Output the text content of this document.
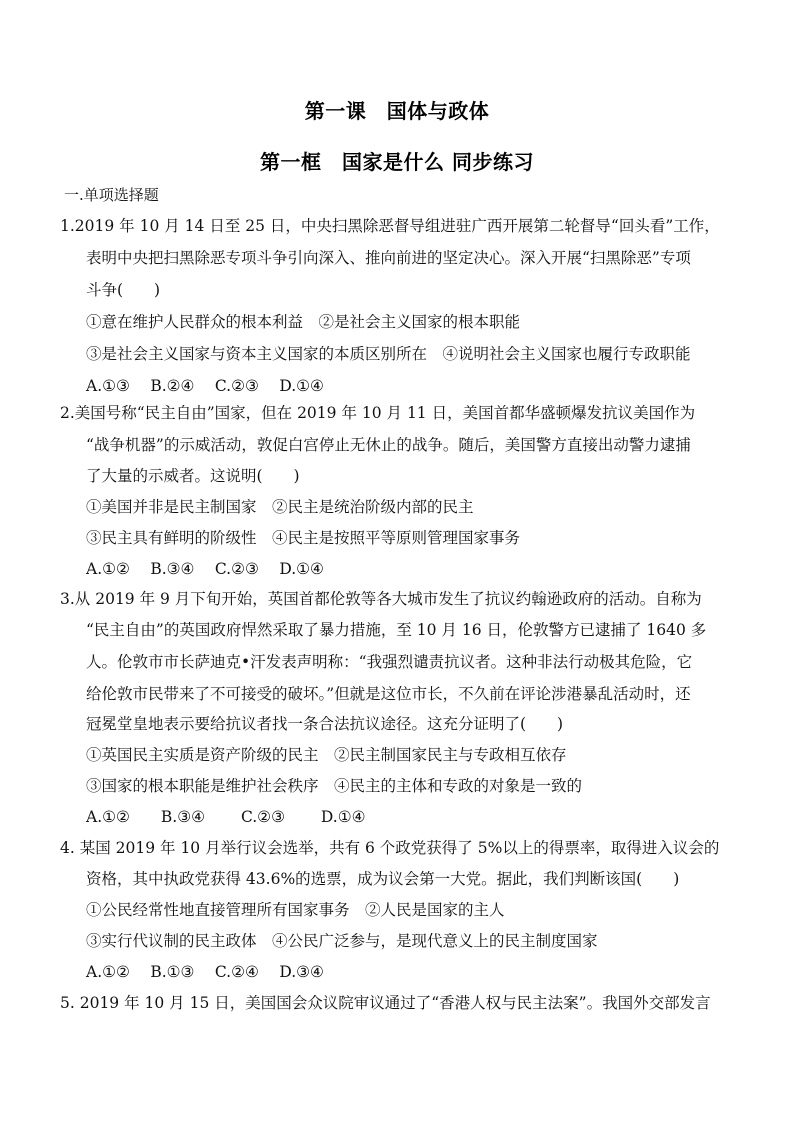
第一课　国体与政体
第一框　国家是什么 同步练习
一.单项选择题
1.2019 年 10 月 14 日至 25 日，中央扫黑除恶督导组进驻广西开展第二轮督导“回头看”工作，
表明中央把扫黑除恶专项斗争引向深入、推向前进的坚定决心。深入开展“扫黑除恶”专项
斗争(　　)
①意在维护人民群众的根本利益　②是社会主义国家的根本职能
③是社会主义国家与资本主义国家的本质区别所在　④说明社会主义国家也履行专政职能
A.①③　 B.②④　 C.②③　 D.①④
2.美国号称“民主自由”国家，但在 2019 年 10 月 11 日，美国首都华盛顿爆发抗议美国作为
“战争机器”的示威活动，敦促白宫停止无休止的战争。随后，美国警方直接出动警力逮捕
了大量的示威者。这说明(　　)
①美国并非是民主制国家　②民主是统治阶级内部的民主
③民主具有鲜明的阶级性　④民主是按照平等原则管理国家事务
A.①②　 B.③④　 C.②③　 D.①④
3.从 2019 年 9 月下旬开始，英国首都伦敦等各大城市发生了抗议约翰逊政府的活动。自称为
“民主自由”的英国政府悍然采取了暴力措施，至 10 月 16 日，伦敦警方已逮捕了 1640 多
人。伦敦市市长萨迪克•汗发表声明称：“我强烈谴责抗议者。这种非法行动极其危险，它
给伦敦市民带来了不可接受的破坏。”但就是这位市长，不久前在评论涉港暴乱活动时，还
冠冕堂皇地表示要给抗议者找一条合法抗议途径。这充分证明了(　　)
①英国民主实质是资产阶级的民主　②民主制国家民主与专政相互依存
③国家的根本职能是维护社会秩序　④民主的主体和专政的对象是一致的
A.①②　　B.③④　　 C.②③　　 D.①④
4. 某国 2019 年 10 月举行议会选举，共有 6 个政党获得了 5%以上的得票率，取得进入议会的
资格，其中执政党获得 43.6%的选票，成为议会第一大党。据此，我们判断该国(　　)
①公民经常性地直接管理所有国家事务　②人民是国家的主人
③实行代议制的民主政体　④公民广泛参与，是现代意义上的民主制度国家
A.①②　 B.①③　 C.②④　 D.③④
5. 2019 年 10 月 15 日，美国国会众议院审议通过了“香港人权与民主法案”。我国外交部发言
